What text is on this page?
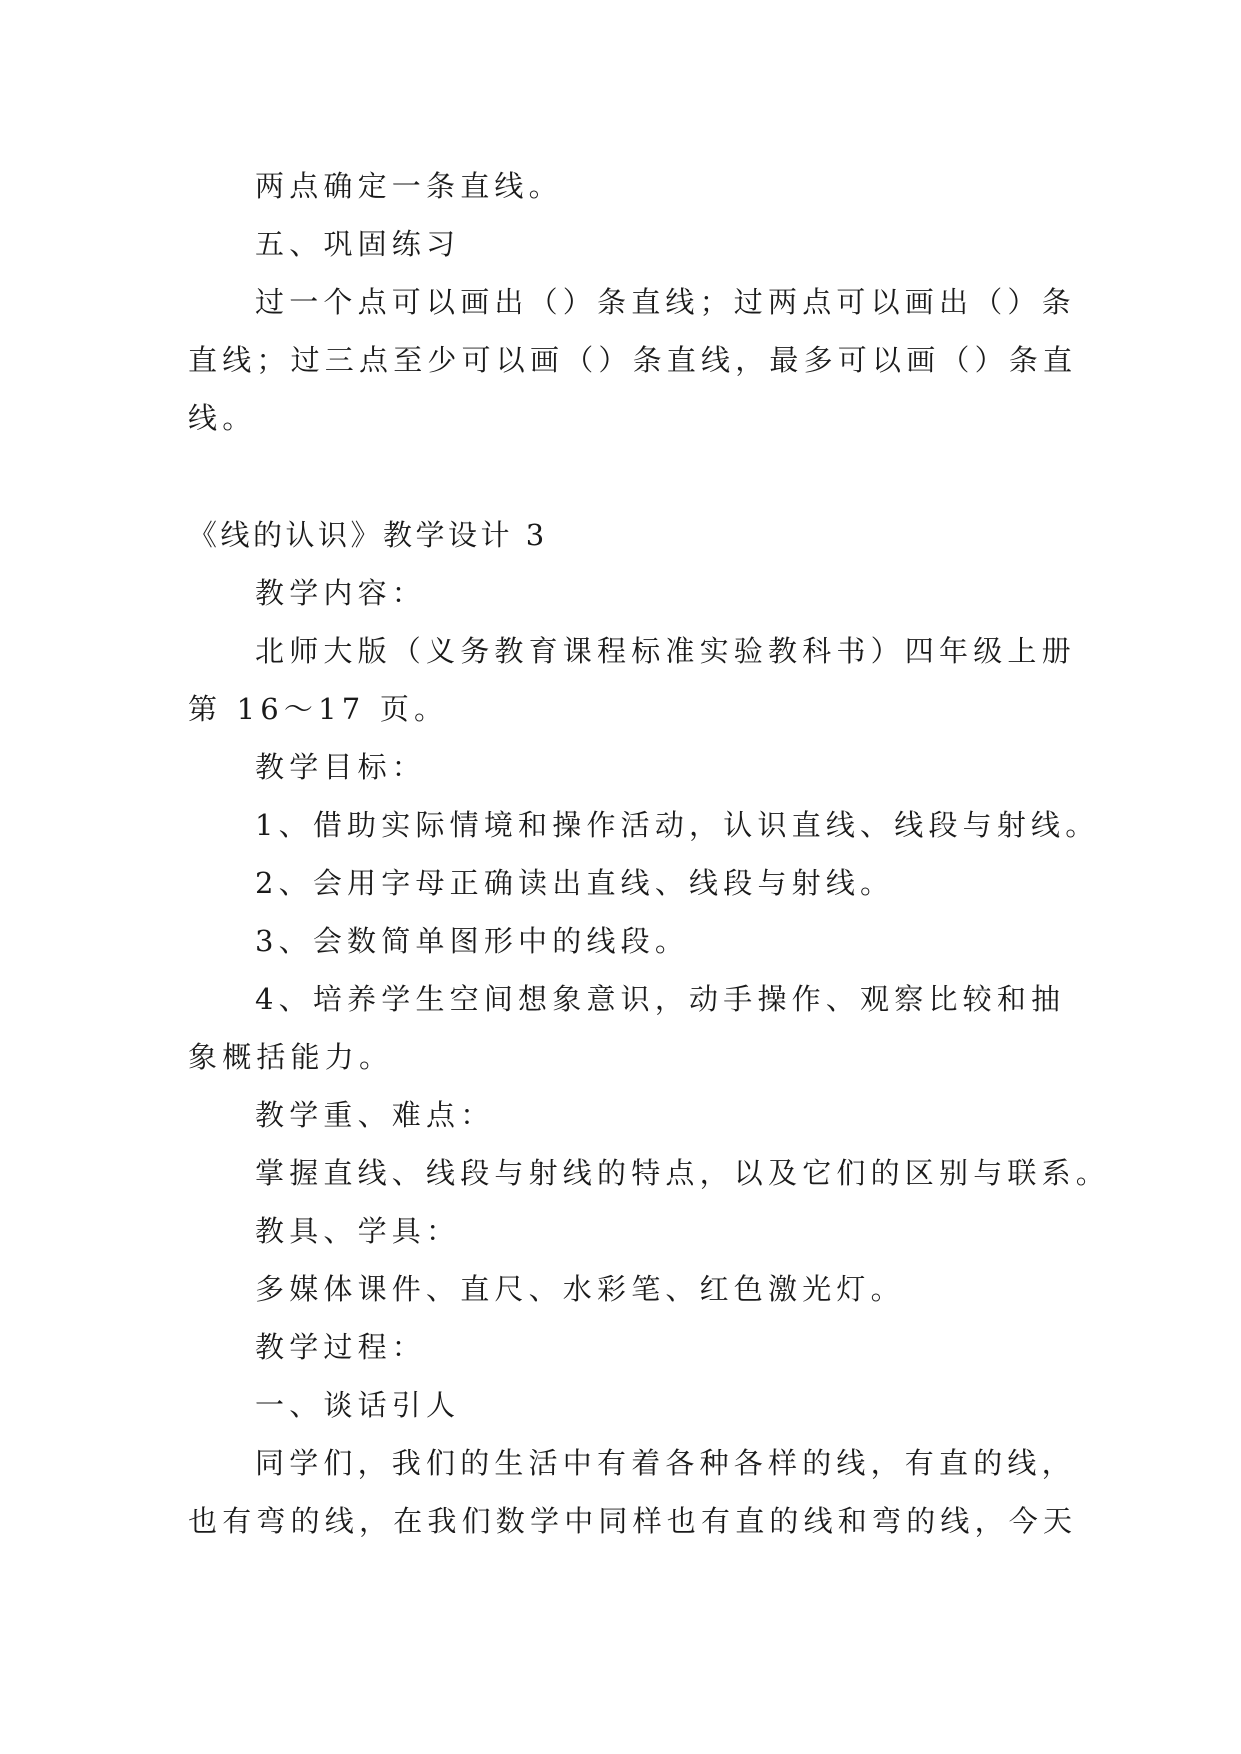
两点确定一条直线。
五、巩固练习
过一个点可以画出（）条直线；过两点可以画出（）条
直线；过三点至少可以画（）条直线，最多可以画（）条直
线。
《线的认识》教学设计 3
教学内容：
北师大版（义务教育课程标准实验教科书）四年级上册
第 16～17 页。
教学目标：
1、借助实际情境和操作活动，认识直线、线段与射线。
2、会用字母正确读出直线、线段与射线。
3、会数简单图形中的线段。
4、培养学生空间想象意识，动手操作、观察比较和抽
象概括能力。
教学重、难点：
掌握直线、线段与射线的特点，以及它们的区别与联系。
教具、学具：
多媒体课件、直尺、水彩笔、红色激光灯。
教学过程：
一、谈话引人
同学们，我们的生活中有着各种各样的线，有直的线，
也有弯的线，在我们数学中同样也有直的线和弯的线，今天
